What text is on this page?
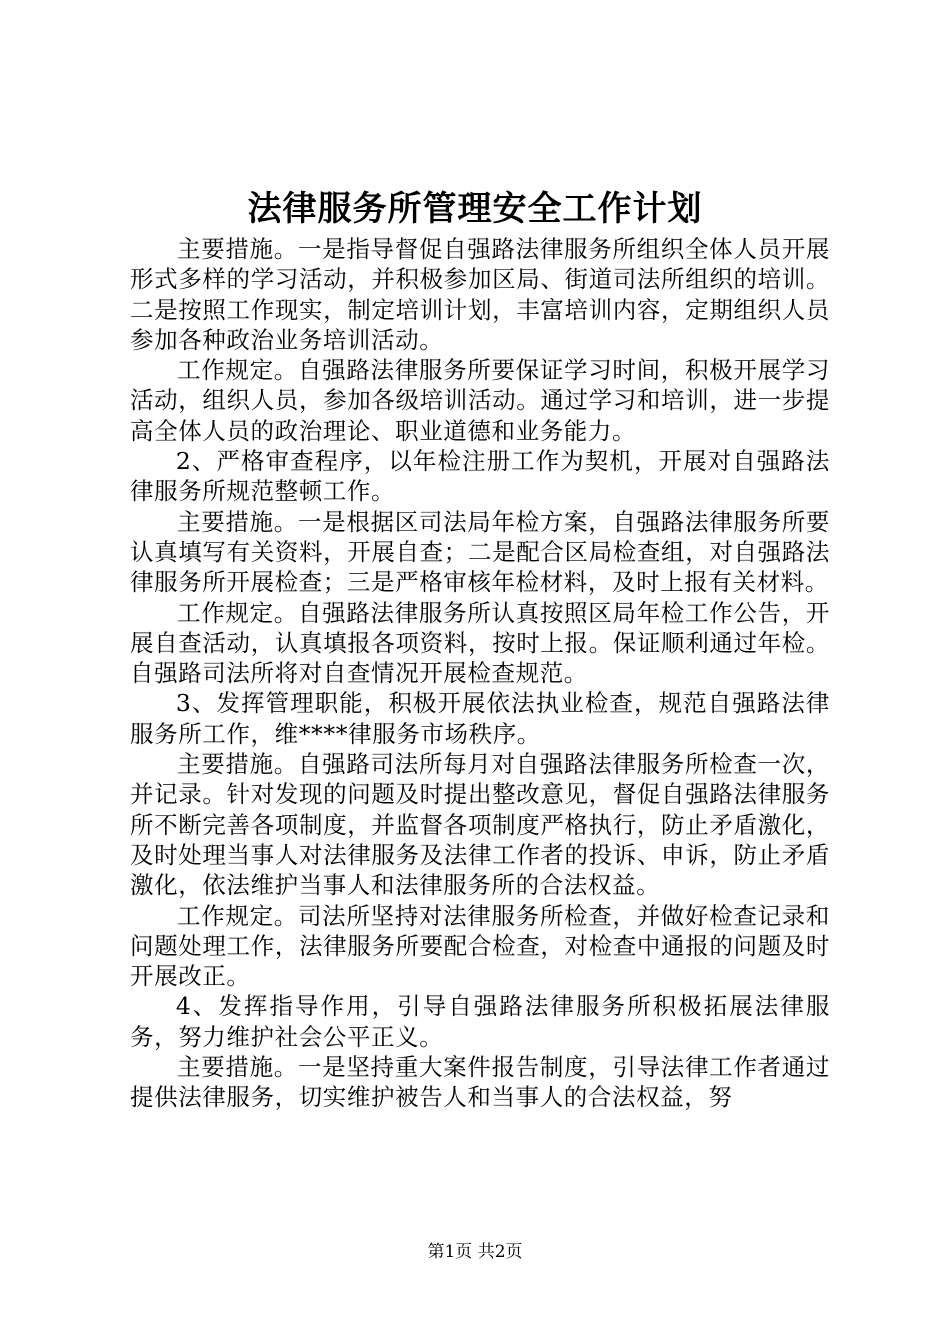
法律服务所管理安全工作计划

主要措施。一是指导督促自强路法律服务所组织全体人员开展形式多样的学习活动，并积极参加区局、街道司法所组织的培训。二是按照工作现实，制定培训计划，丰富培训内容，定期组织人员参加各种政治业务培训活动。

工作规定。自强路法律服务所要保证学习时间，积极开展学习活动，组织人员，参加各级培训活动。通过学习和培训，进一步提高全体人员的政治理论、职业道德和业务能力。

2、严格审查程序，以年检注册工作为契机，开展对自强路法律服务所规范整顿工作。

主要措施。一是根据区司法局年检方案，自强路法律服务所要认真填写有关资料，开展自查；二是配合区局检查组，对自强路法律服务所开展检查；三是严格审核年检材料，及时上报有关材料。

工作规定。自强路法律服务所认真按照区局年检工作公告，开展自查活动，认真填报各项资料，按时上报。保证顺利通过年检。自强路司法所将对自查情况开展检查规范。

3、发挥管理职能，积极开展依法执业检查，规范自强路法律服务所工作，维****律服务市场秩序。

主要措施。自强路司法所每月对自强路法律服务所检查一次，并记录。针对发现的问题及时提出整改意见，督促自强路法律服务所不断完善各项制度，并监督各项制度严格执行，防止矛盾激化，及时处理当事人对法律服务及法律工作者的投诉、申诉，防止矛盾激化，依法维护当事人和法律服务所的合法权益。

工作规定。司法所坚持对法律服务所检查，并做好检查记录和问题处理工作，法律服务所要配合检查，对检查中通报的问题及时开展改正。

4、发挥指导作用，引导自强路法律服务所积极拓展法律服务，努力维护社会公平正义。

主要措施。一是坚持重大案件报告制度，引导法律工作者通过提供法律服务，切实维护被告人和当事人的合法权益，努

第1页 共2页
